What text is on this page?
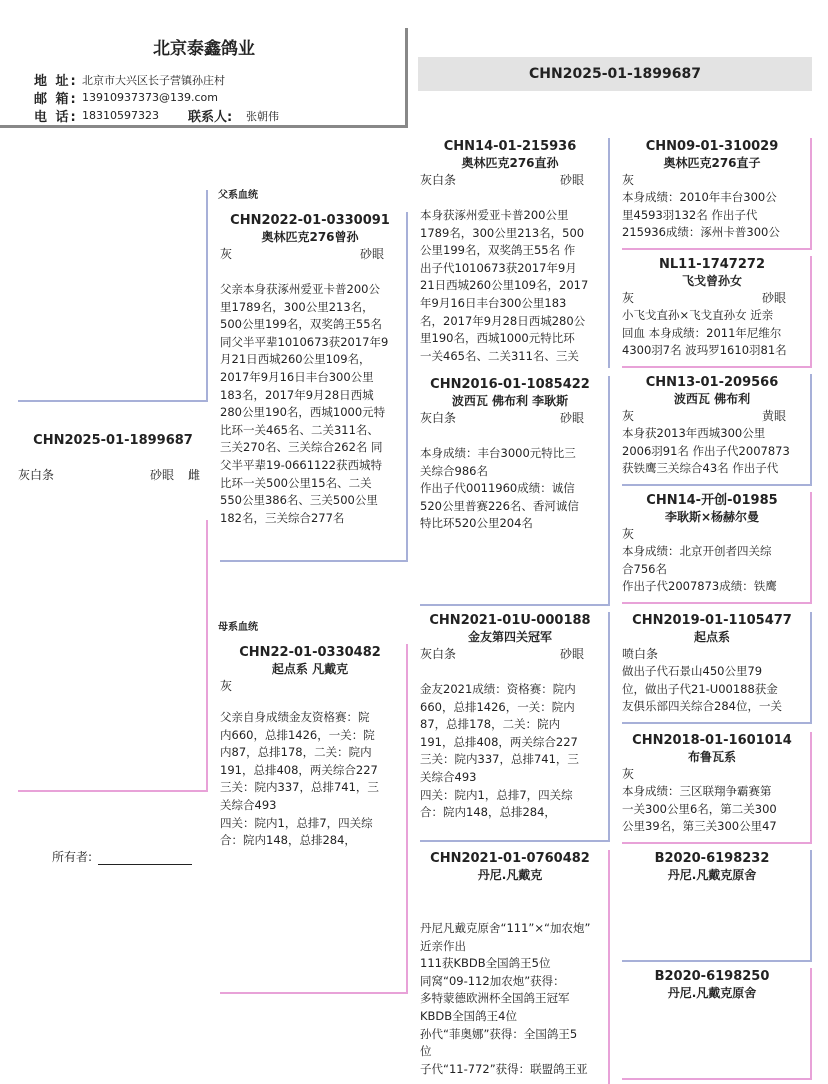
北京泰鑫鸽业
地 址: 北京市大兴区长子营镇孙庄村
邮 箱: 13910937373@139.com
电 话: 18310597323	联系人:	张朝伟
CHN2025-01-1899687
CHN2025-01-1899687
灰白条	砂眼	雌
父系血统
母系血统
CHN2022-01-0330091
奥林匹克276曾孙
灰	砂眼
父亲本身获涿州爱亚卡普200公
里1789名，300公里213名，
500公里199名，双奖鸽王55名
同父半平辈1010673获2017年9
月21日西城260公里109名，
2017年9月16日丰台300公里
183名，2017年9月28日西城
280公里190名，西城1000元特
比环一关465名、二关311名、
三关270名、三关综合262名 同
父半平辈19-0661122获西城特
比环一关500公里15名、二关
550公里386名、三关500公里
182名，三关综合277名
CHN22-01-0330482
起点系 凡戴克
灰
父亲自身成绩金友资格赛：院
内660，总排1426，一关：院
内87，总排178，二关：院内
191，总排408，两关综合227
三关：院内337，总排741，三
关综合493
四关：院内1，总排7，四关综
合：院内148，总排284，
所有者:
CHN14-01-215936
奥林匹克276直孙
灰白条	砂眼
本身获涿州爱亚卡普200公里
1789名，300公里213名，500
公里199名，双奖鸽王55名 作
出子代1010673获2017年9月
21日西城260公里109名，2017
年9月16日丰台300公里183
名，2017年9月28日西城280公
里190名，西城1000元特比环
一关465名、二关311名、三关
CHN2016-01-1085422
波西瓦 佛布利 李耿斯
灰白条	砂眼
本身成绩：丰台3000元特比三
关综合986名
作出子代0011960成绩：诚信
520公里普赛226名、香河诚信
特比环520公里204名
CHN2021-01U-000188
金友第四关冠军
灰白条	砂眼
金友2021成绩：资格赛：院内
660，总排1426，一关：院内
87，总排178，二关：院内
191，总排408，两关综合227
三关：院内337，总排741，三
关综合493
四关：院内1，总排7，四关综
合：院内148，总排284，
CHN2021-01-0760482
丹尼.凡戴克
丹尼凡戴克原舍“111”×“加农炮”
近亲作出
111获KBDB全国鸽王5位
同窝“09-112加农炮”获得：
多特蒙德欧洲杯全国鸽王冠军
KBDB全国鸽王4位
孙代“菲奥娜”获得：全国鸽王5
位
子代“11-772”获得：联盟鸽王亚
CHN09-01-310029
奥林匹克276直子
灰
本身成绩：2010年丰台300公
里4593羽132名 作出子代
215936成绩：涿州卡普300公
NL11-1747272
飞戈曾孙女
灰	砂眼
小飞戈直孙×飞戈直孙女 近亲
回血 本身成绩：2011年尼维尔
4300羽7名 波玛罗1610羽81名
CHN13-01-209566
波西瓦 佛布利
灰	黄眼
本身获2013年西城300公里
2006羽91名 作出子代2007873
获铁鹰三关综合43名 作出子代
CHN14-开创-01985
李耿斯×杨赫尔曼
灰
本身成绩：北京开创者四关综
合756名
作出子代2007873成绩：铁鹰
CHN2019-01-1105477
起点系
喷白条
做出子代石景山450公里79
位，做出子代21-U00188获金
友俱乐部四关综合284位，一关
CHN2018-01-1601014
布鲁瓦系
灰
本身成绩：三区联翔争霸赛第
一关300公里6名，第二关300
公里39名，第三关300公里47
B2020-6198232
丹尼.凡戴克原舍
B2020-6198250
丹尼.凡戴克原舍
